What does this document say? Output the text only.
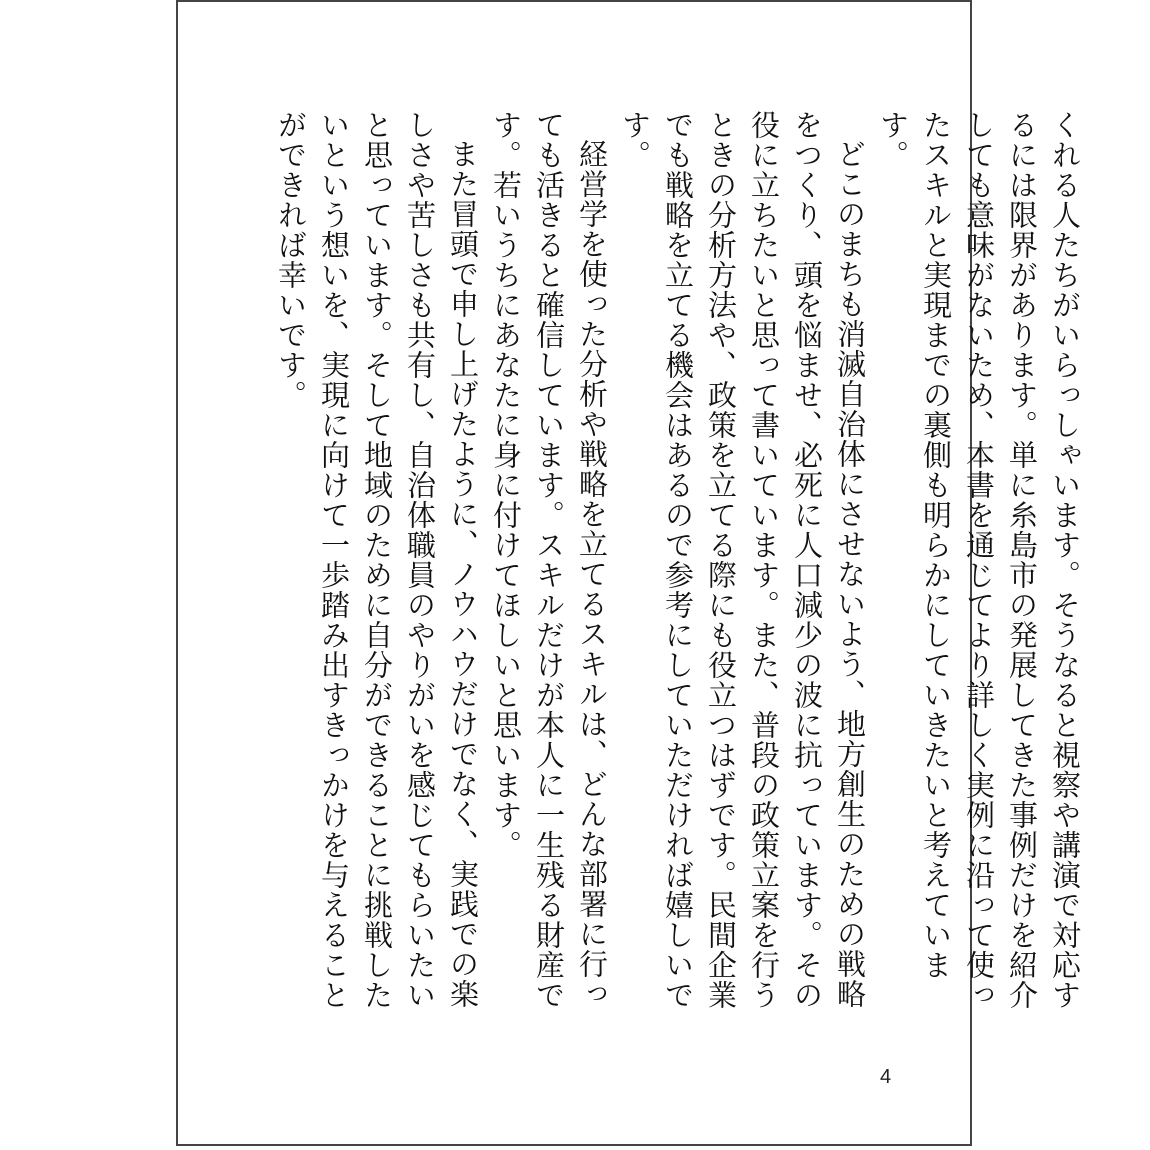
くれる人たちがいらっしゃいます。そうなると視察や講演で対応するには限界があります。単に糸島市の発展してきた事例だけを紹介しても意味がないため、本書を通じてより詳しく実例に沿って使ったスキルと実現までの裏側も明らかにしていきたいと考えています。

どこのまちも消滅自治体にさせないよう、地方創生のための戦略をつくり、頭を悩ませ、必死に人口減少の波に抗っています。その役に立ちたいと思って書いています。また、普段の政策立案を行うときの分析方法や、政策を立てる際にも役立つはずです。民間企業でも戦略を立てる機会はあるので参考にしていただければ嬉しいです。

経営学を使った分析や戦略を立てるスキルは、どんな部署に行っても活きると確信しています。スキルだけが本人に一生残る財産です。若いうちにあなたに身に付けてほしいと思います。

また冒頭で申し上げたように、ノウハウだけでなく、実践での楽しさや苦しさも共有し、自治体職員のやりがいを感じてもらいたいと思っています。そして地域のために自分ができることに挑戦したいという想いを、実現に向けて一歩踏み出すきっかけを与えることができれば幸いです。

4
